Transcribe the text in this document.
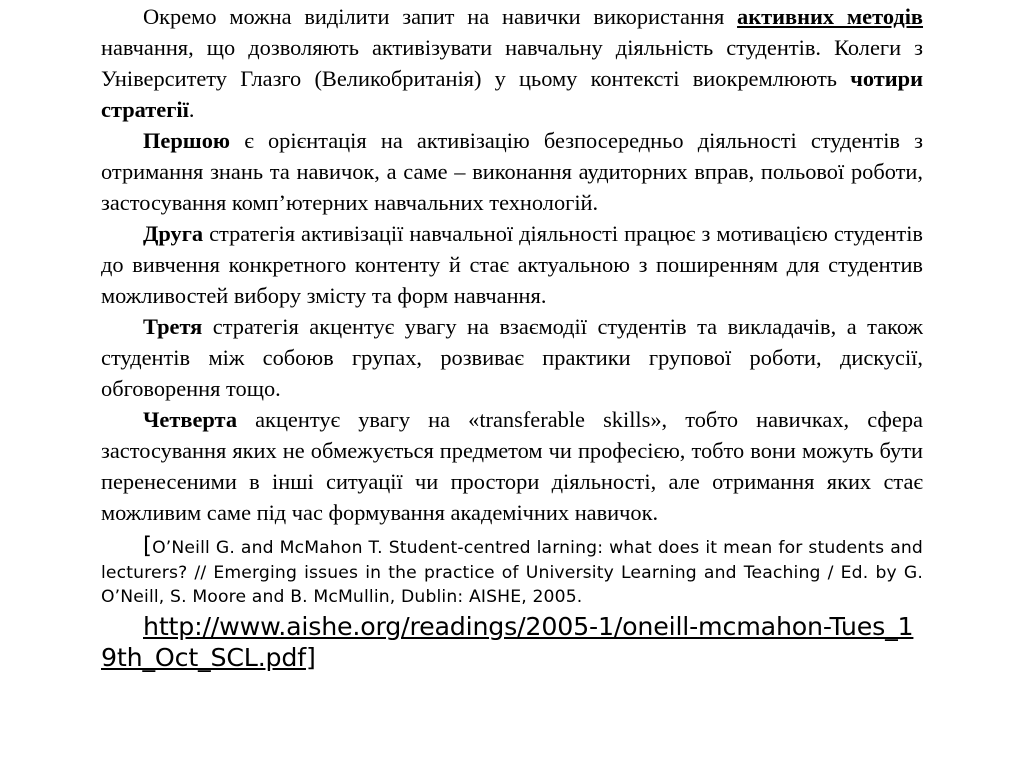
Окремо можна виділити запит на навички використання активних методів навчання, що дозволяють активізувати навчальну діяльність студентів. Колеги з Університету Глазго (Великобританія) у цьому контексті виокремлюють чотири стратегії.

Першою є орієнтація на активізацію безпосередньо діяльності студентів з отримання знань та навичок, а саме – виконання аудиторних вправ, польової роботи, застосування комп’ютерних навчальних технологій.

Друга стратегія активізації навчальної діяльності працює з мотивацією студентів до вивчення конкретного контенту й стає актуальною з поширенням для студентив можливостей вибору змісту та форм навчання.

Третя стратегія акцентує увагу на взаємодії студентів та викладачів, а також студентів між собоюв групах, розвиває практики групової роботи, дискусії, обговорення тощо.

Четверта акцентує увагу на «transferable skills», тобто навичках, сфера застосування яких не обмежується предметом чи професією, тобто вони можуть бути перенесеними в інші ситуації чи простори діяльності, але отримання яких стає можливим саме під час формування академічних навичок.

[O’Neill G. and McMahon T. Student-centred larning: what does it mean for students and lecturers? // Emerging issues in the practice of University Learning and Teaching / Ed. by G. O’Neill, S. Moore and B. McMullin, Dublin: AISHE, 2005.
http://www.aishe.org/readings/2005-1/oneill-mcmahon-Tues_19th_Oct_SCL.pdf]
